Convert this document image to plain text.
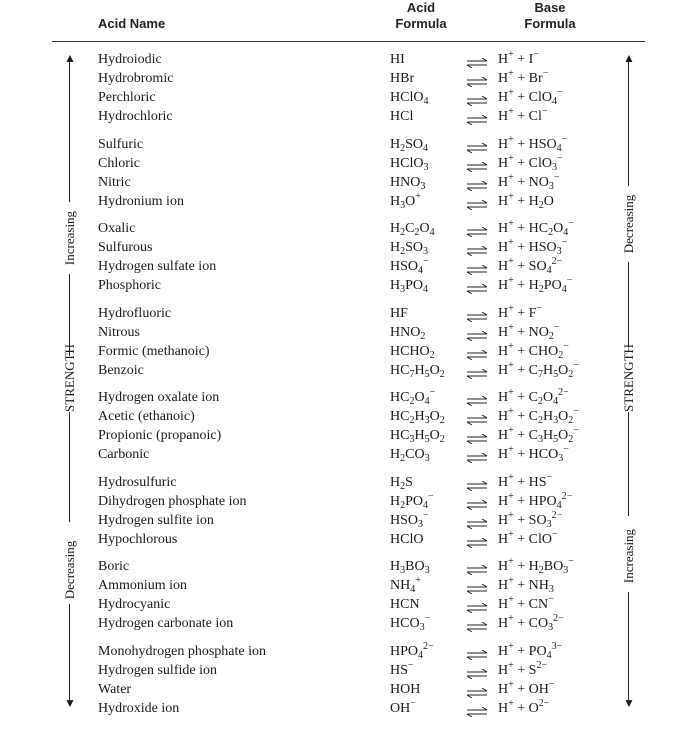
Acid Name
Acid
Formula
Base
Formula
▲
Increasing
STRENGTH
Decreasing
▼
▲
Decreasing
STRENGTH
Increasing
▼
Hydroiodic	HI	⇌ H+ + I−
Hydrobromic	HBr	⇌ H+ + Br−
Perchloric	HClO$_4$	⇌ H+ + ClO$_4$−
Hydrochloric	HCl	⇌ H+ + Cl−
Sulfuric	$H_2SO_4$	⇌ $H^+ + HSO_4^-$
Chloric	HClO$_3$	⇌ H+ + ClO$_3$−
Nitric	$HNO_3$	⇌ $H^+ + NO_3^-$
Hydronium ion	$H_3O^+$ ⇌ $H^+ + H_2O$
Oxalic	$H_2C_2O_4$ ⇌ $H^+ + HC_2O_4^-$
Sulfurous	$H_2SO_3$	⇌ $H^+ + HSO_3^-$
Hydrogen sulfate ion	$HSO_4^-$ ⇌ $H^+ + SO_4^{2-}$
Phosphoric	$H_3PO_4$	⇌ $H^+ + H_2PO_4^-$
Hydrofluoric	HF	⇌ H+ + F−
Nitrous	$HNO_2$	⇌ $H^+ + NO_2^-$
Formic (methanoic)	$HCHO_2$ ⇌ $H^+ + CHO_2^-$
Benzoic	$HC_7H_5O_2$ ⇌ $H^+ + C_7H_5O_2^-$
Hydrogen oxalate ion	$HC_2O_4^-$ ⇌ $H^+ + C_2O_4^{2-}$
Acetic (ethanoic)	$HC_2H_3O_2$ ⇌ $H^+ + C_2H_3O_2^-$
Propionic (propanoic)	$HC_3H_5O_2$ ⇌ $H^+ + C_3H_5O_2^-$
Carbonic	$H_2CO_3$	⇌ $H^+ + HCO_3^-$
Hydrosulfuric	$H_2S$	⇌ H+ + HS−
Dihydrogen phosphate ion	$H_2PO_4^-$ ⇌ $H^+ + HPO_4^{2-}$
Hydrogen sulfite ion	$HSO_3^-$ ⇌ $H^+ + SO_3^{2-}$
Hypochlorous	HClO	⇌ H+ + ClO−
Boric	$H_3BO_3$	⇌ $H^+ + H_2BO_3^-$
Ammonium ion	$NH_4^+$ ⇌ $H^+ + NH_3$
Hydrocyanic	HCN	⇌ H+ + CN−
Hydrogen carbonate ion	$HCO_3^-$ ⇌ $H^+ + CO_3^{2-}$
Monohydrogen phosphate ion	$HPO_4^{2-}$ ⇌ $H^+ + PO_4^{3-}$
Hydrogen sulfide ion	HS− ⇌ $H^+ + S^{2-}$
Water	HOH	⇌ H+ + OH−
Hydroxide ion	OH− ⇌ $H^+ + O^{2-}$
